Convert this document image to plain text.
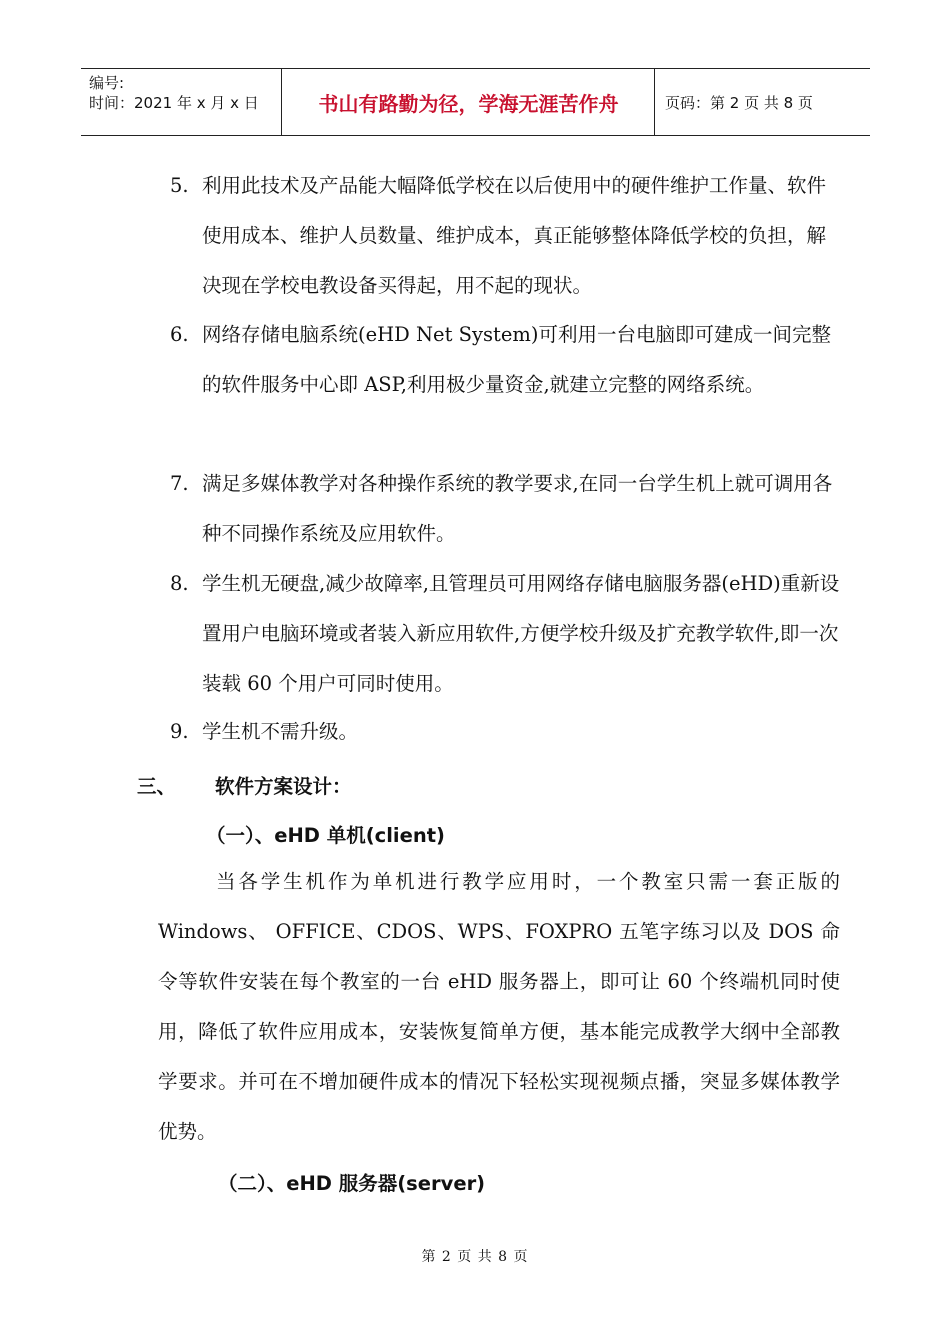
编号:
时间：2021 年 x 月 x 日	书山有路勤为径，学海无涯苦作舟	页码：第 2 页 共 8 页
5. 利用此技术及产品能大幅降低学校在以后使用中的硬件维护工作量、软件使用成本、维护人员数量、维护成本，真正能够整体降低学校的负担，解决现在学校电教设备买得起，用不起的现状。
6. 网络存储电脑系统(eHD Net System)可利用一台电脑即可建成一间完整的软件服务中心即 ASP,利用极少量资金,就建立完整的网络系统。
7. 满足多媒体教学对各种操作系统的教学要求,在同一台学生机上就可调用各种不同操作系统及应用软件。
8. 学生机无硬盘,减少故障率,且管理员可用网络存储电脑服务器(eHD)重新设置用户电脑环境或者装入新应用软件,方便学校升级及扩充教学软件,即一次装载 60 个用户可同时使用。
9. 学生机不需升级。
三、 软件方案设计：
（一）、eHD 单机(client)
当各学生机作为单机进行教学应用时，一个教室只需一套正版的 Windows、 OFFICE、CDOS、WPS、FOXPRO 五笔字练习以及 DOS 命令等软件安装在每个教室的一台 eHD 服务器上，即可让 60 个终端机同时使用，降低了软件应用成本，安装恢复简单方便，基本能完成教学大纲中全部教学要求。并可在不增加硬件成本的情况下轻松实现视频点播，突显多媒体教学优势。
（二）、eHD 服务器(server)
第 2 页 共 8 页
